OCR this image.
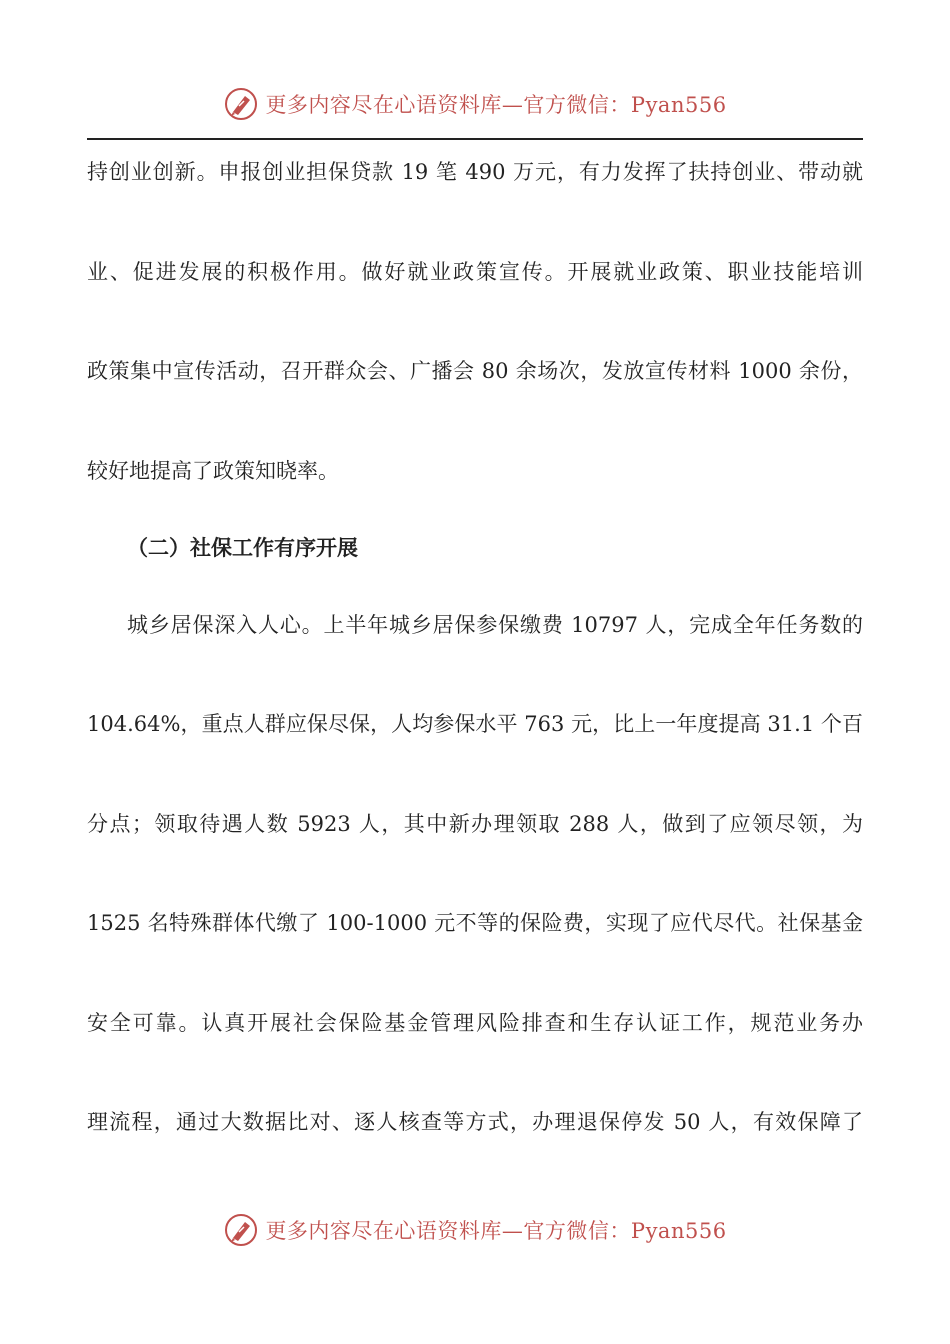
更多内容尽在心语资料库—官方微信：Pyan556
持创业创新。申报创业担保贷款 19 笔 490 万元，有力发挥了扶持创业、带动就
业、促进发展的积极作用。做好就业政策宣传。开展就业政策、职业技能培训
政策集中宣传活动，召开群众会、广播会 80 余场次，发放宣传材料 1000 余份，
较好地提高了政策知晓率。
（二）社保工作有序开展
城乡居保深入人心。上半年城乡居保参保缴费 10797 人，完成全年任务数的
104.64%，重点人群应保尽保，人均参保水平 763 元，比上一年度提高 31.1 个百
分点；领取待遇人数 5923 人，其中新办理领取 288 人，做到了应领尽领，为
1525 名特殊群体代缴了 100-1000 元不等的保险费，实现了应代尽代。社保基金
安全可靠。认真开展社会保险基金管理风险排查和生存认证工作，规范业务办
理流程，通过大数据比对、逐人核查等方式，办理退保停发 50 人，有效保障了
更多内容尽在心语资料库—官方微信：Pyan556
